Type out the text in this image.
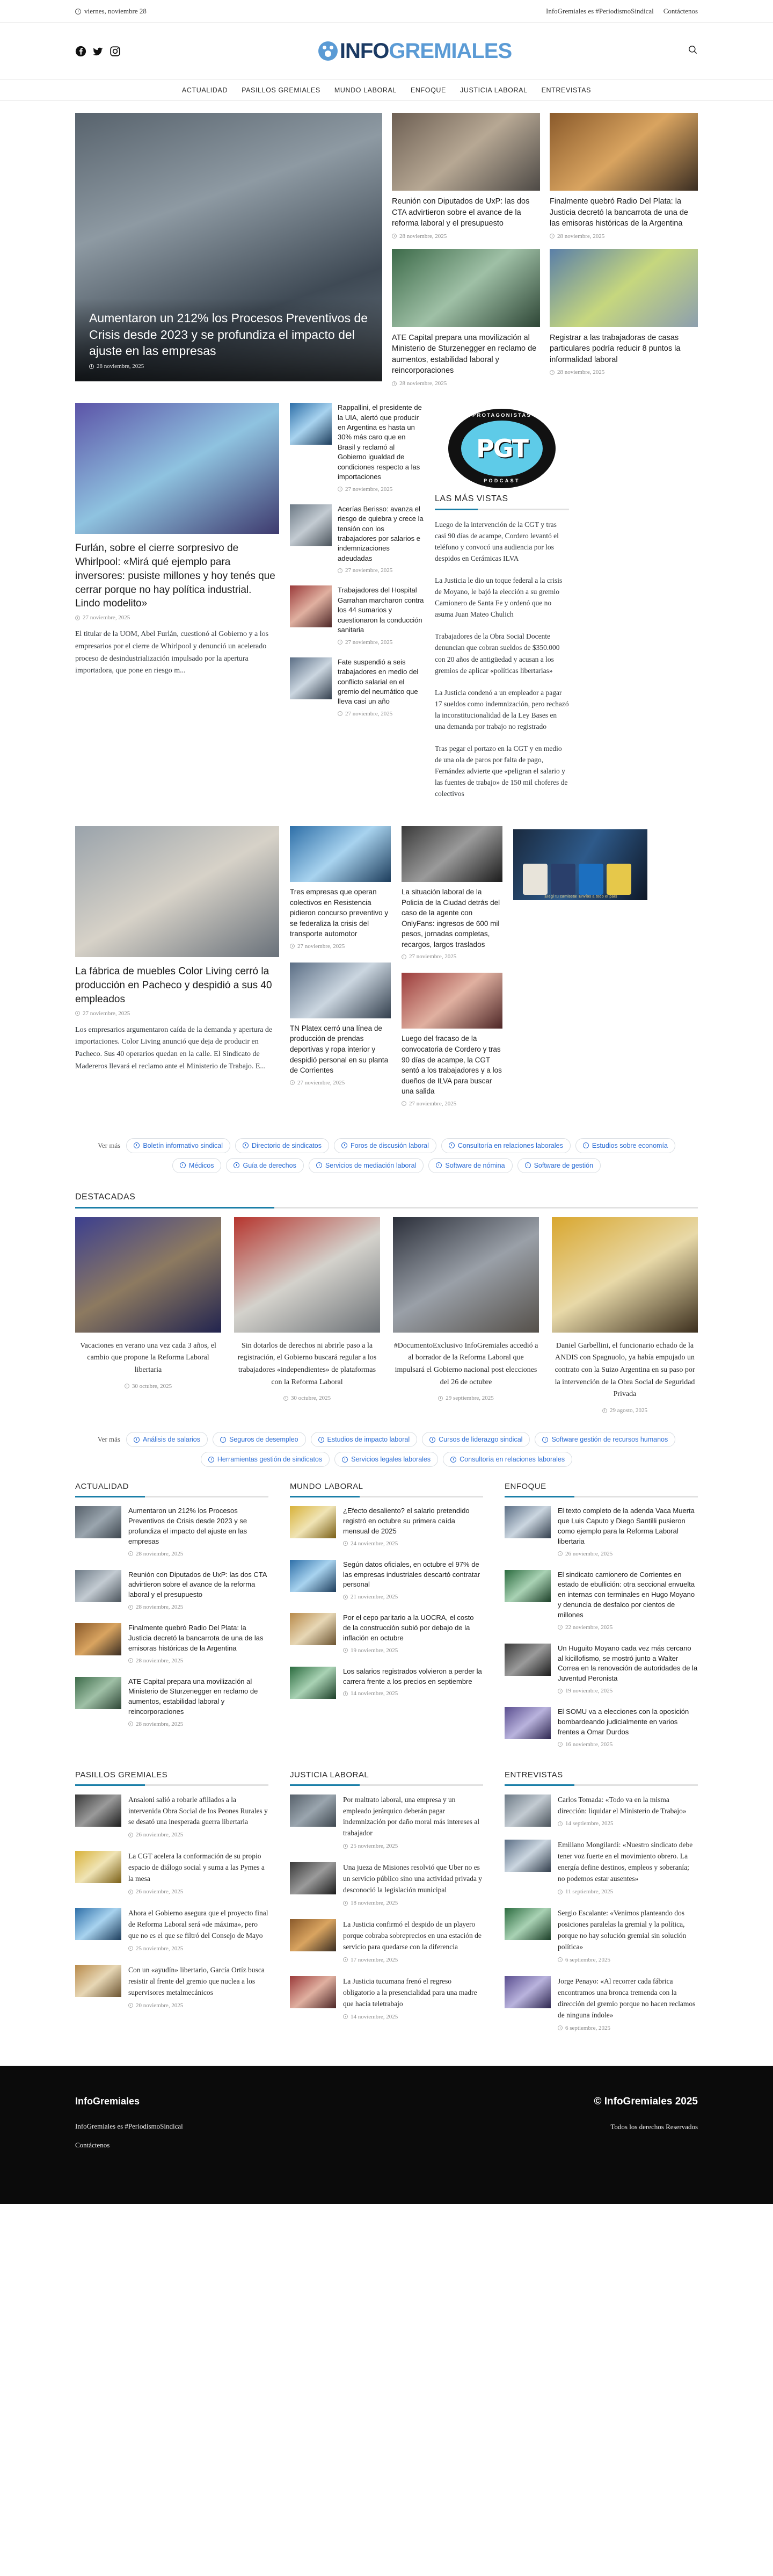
viernes, noviembre 28	InfoGremiales es #PeriodismoSindical Contáctenos
INFOGREMIALES
ACTUALIDAD PASILLOS GREMIALES MUNDO LABORAL ENFOQUE JUSTICIA LABORAL ENTREVISTAS
Aumentaron un 212% los Procesos Preventivos de Crisis desde 2023 y se profundiza el impacto del ajuste en las empresas
28 noviembre, 2025
Reunión con Diputados de UxP: las dos CTA advirtieron sobre el avance de la reforma laboral y el presupuesto
28 noviembre, 2025
Finalmente quebró Radio Del Plata: la Justicia decretó la bancarrota de una de las emisoras históricas de la Argentina
28 noviembre, 2025
ATE Capital prepara una movilización al Ministerio de Sturzenegger en reclamo de aumentos, estabilidad laboral y reincorporaciones
28 noviembre, 2025
Registrar a las trabajadoras de casas particulares podría reducir 8 puntos la informalidad laboral
28 noviembre, 2025
Furlán, sobre el cierre sorpresivo de Whirlpool: «Mirá qué ejemplo para inversores: pusiste millones y hoy tenés que cerrar porque no hay política industrial. Lindo modelito»
27 noviembre, 2025

El titular de la UOM, Abel Furlán, cuestionó al Gobierno y a los empresarios por el cierre de Whirlpool y denunció un acelerado proceso de desindustrialización impulsado por la apertura importadora, que pone en riesgo m...

Rappallini, el presidente de la UIA, alertó que producir en Argentina es hasta un 30% más caro que en Brasil y reclamó al Gobierno igualdad de condiciones respecto a las importaciones
27 noviembre, 2025
Acerías Berisso: avanza el riesgo de quiebra y crece la tensión con los trabajadores por salarios e indemnizaciones adeudadas
27 noviembre, 2025
Trabajadores del Hospital Garrahan marcharon contra los 44 sumarios y cuestionaron la conducción sanitaria
27 noviembre, 2025
Fate suspendió a seis trabajadores en medio del conflicto salarial en el gremio del neumático que lleva casi un año
27 noviembre, 2025
PROTAGONISTAS
PGT
PODCAST
LAS MÁS VISTAS

Luego de la intervención de la CGT y tras casi 90 días de acampe, Cordero levantó el teléfono y convocó una audiencia por los despidos en Cerámicas ILVA

La Justicia le dio un toque federal a la crisis de Moyano, le bajó la elección a su gremio Camionero de Santa Fe y ordenó que no asuma Juan Mateo Chulich

Trabajadores de la Obra Social Docente denuncian que cobran sueldos de $350.000 con 20 años de antigüedad y acusan a los gremios de aplicar «políticas libertarias»

La Justicia condenó a un empleador a pagar 17 sueldos como indemnización, pero rechazó la inconstitucionalidad de la Ley Bases en una demanda por trabajo no registrado

Tras pegar el portazo en la CGT y en medio de una ola de paros por falta de pago, Fernández advierte que «peligran el salario y las fuentes de trabajo» de 150 mil choferes de colectivos

La fábrica de muebles Color Living cerró la producción en Pacheco y despidió a sus 40 empleados
27 noviembre, 2025

Los empresarios argumentaron caída de la demanda y apertura de importaciones. Color Living anunció que deja de producir en Pacheco. Sus 40 operarios quedan en la calle. El Sindicato de Madereros llevará el reclamo ante el Ministerio de Trabajo. E...

Tres empresas que operan colectivos en Resistencia pidieron concurso preventivo y se federaliza la crisis del transporte automotor
27 noviembre, 2025
TN Platex cerró una línea de producción de prendas deportivas y ropa interior y despidió personal en su planta de Corrientes
27 noviembre, 2025
La situación laboral de la Policía de la Ciudad detrás del caso de la agente con OnlyFans: ingresos de 600 mil pesos, jornadas completas, recargos, largos traslados
27 noviembre, 2025
Luego del fracaso de la convocatoria de Cordero y tras 90 días de acampe, la CGT sentó a los trabajadores y a los dueños de ILVA para buscar una salida
27 noviembre, 2025
¡Elegí tu camiseta! Envíos a todo el país
Ver más	Boletín informativo sindical	Directorio de sindicatos	Foros de discusión laboral	Consultoría en relaciones laborales	Estudios sobre economía
Médicos	Guía de derechos	Servicios de mediación laboral	Software de nómina	Software de gestión
DESTACADAS
Vacaciones en verano una vez cada 3 años, el cambio que propone la Reforma Laboral libertaria
30 octubre, 2025
Sin dotarlos de derechos ni abrirle paso a la registración, el Gobierno buscará regular a los trabajadores «independientes» de plataformas con la Reforma Laboral
30 octubre, 2025
#DocumentoExclusivo InfoGremiales accedió a al borrador de la Reforma Laboral que impulsará el Gobierno nacional post elecciones del 26 de octubre
29 septiembre, 2025
Daniel Garbellini, el funcionario echado de la ANDIS con Spagnuolo, ya había empujado un contrato con la Suizo Argentina en su paso por la intervención de la Obra Social de Seguridad Privada
29 agosto, 2025
Ver más	Análisis de salarios	Seguros de desempleo	Estudios de impacto laboral	Cursos de liderazgo sindical	Software gestión de recursos humanos
Herramientas gestión de sindicatos	Servicios legales laborales	Consultoría en relaciones laborales
ACTUALIDAD
Aumentaron un 212% los Procesos Preventivos de Crisis desde 2023 y se profundiza el impacto del ajuste en las empresas
28 noviembre, 2025
Reunión con Diputados de UxP: las dos CTA advirtieron sobre el avance de la reforma laboral y el presupuesto
28 noviembre, 2025
Finalmente quebró Radio Del Plata: la Justicia decretó la bancarrota de una de las emisoras históricas de la Argentina
28 noviembre, 2025
ATE Capital prepara una movilización al Ministerio de Sturzenegger en reclamo de aumentos, estabilidad laboral y reincorporaciones
28 noviembre, 2025
MUNDO LABORAL
¿Efecto desaliento? el salario pretendido registró en octubre su primera caída mensual de 2025
24 noviembre, 2025
Según datos oficiales, en octubre el 97% de las empresas industriales descartó contratar personal
21 noviembre, 2025
Por el cepo paritario a la UOCRA, el costo de la construcción subió por debajo de la inflación en octubre
19 noviembre, 2025
Los salarios registrados volvieron a perder la carrera frente a los precios en septiembre
14 noviembre, 2025
ENFOQUE
El texto completo de la adenda Vaca Muerta que Luis Caputo y Diego Santilli pusieron como ejemplo para la Reforma Laboral libertaria
26 noviembre, 2025
El sindicato camionero de Corrientes en estado de ebullición: otra seccional envuelta en internas con terminales en Hugo Moyano y denuncia de desfalco por cientos de millones
22 noviembre, 2025
Un Huguito Moyano cada vez más cercano al kicillofismo, se mostró junto a Walter Correa en la renovación de autoridades de la Juventud Peronista
19 noviembre, 2025
El SOMU va a elecciones con la oposición bombardeando judicialmente en varios frentes a Omar Durdos
16 noviembre, 2025
PASILLOS GREMIALES
Ansaloni salió a robarle afiliados a la intervenida Obra Social de los Peones Rurales y se desató una inesperada guerra libertaria
26 noviembre, 2025
La CGT acelera la conformación de su propio espacio de diálogo social y suma a las Pymes a la mesa
26 noviembre, 2025
Ahora el Gobierno asegura que el proyecto final de Reforma Laboral será «de máxima», pero que no es el que se filtró del Consejo de Mayo
25 noviembre, 2025
Con un «ayudín» libertario, García Ortíz busca resistir al frente del gremio que nuclea a los supervisores metalmecánicos
20 noviembre, 2025
JUSTICIA LABORAL
Por maltrato laboral, una empresa y un empleado jerárquico deberán pagar indemnización por daño moral más intereses al trabajador
25 noviembre, 2025
Una jueza de Misiones resolvió que Uber no es un servicio público sino una actividad privada y desconoció la legislación municipal
18 noviembre, 2025
La Justicia confirmó el despido de un playero porque cobraba sobreprecios en una estación de servicio para quedarse con la diferencia
17 noviembre, 2025
La Justicia tucumana frenó el regreso obligatorio a la presencialidad para una madre que hacía teletrabajo
14 noviembre, 2025
ENTREVISTAS
Carlos Tomada: «Todo va en la misma dirección: liquidar el Ministerio de Trabajo»
14 septiembre, 2025
Emiliano Mongilardi: «Nuestro sindicato debe tener voz fuerte en el movimiento obrero. La energía define destinos, empleos y soberanía; no podemos estar ausentes»
11 septiembre, 2025
Sergio Escalante: «Venimos planteando dos posiciones paralelas la gremial y la política, porque no hay solución gremial sin solución política»
6 septiembre, 2025
Jorge Penayo: «Al recorrer cada fábrica encontramos una bronca tremenda con la dirección del gremio porque no hacen reclamos de ninguna índole»
6 septiembre, 2025
InfoGremiales
InfoGremiales es #PeriodismoSindical
Contáctenos
© InfoGremiales 2025
Todos los derechos Reservados
